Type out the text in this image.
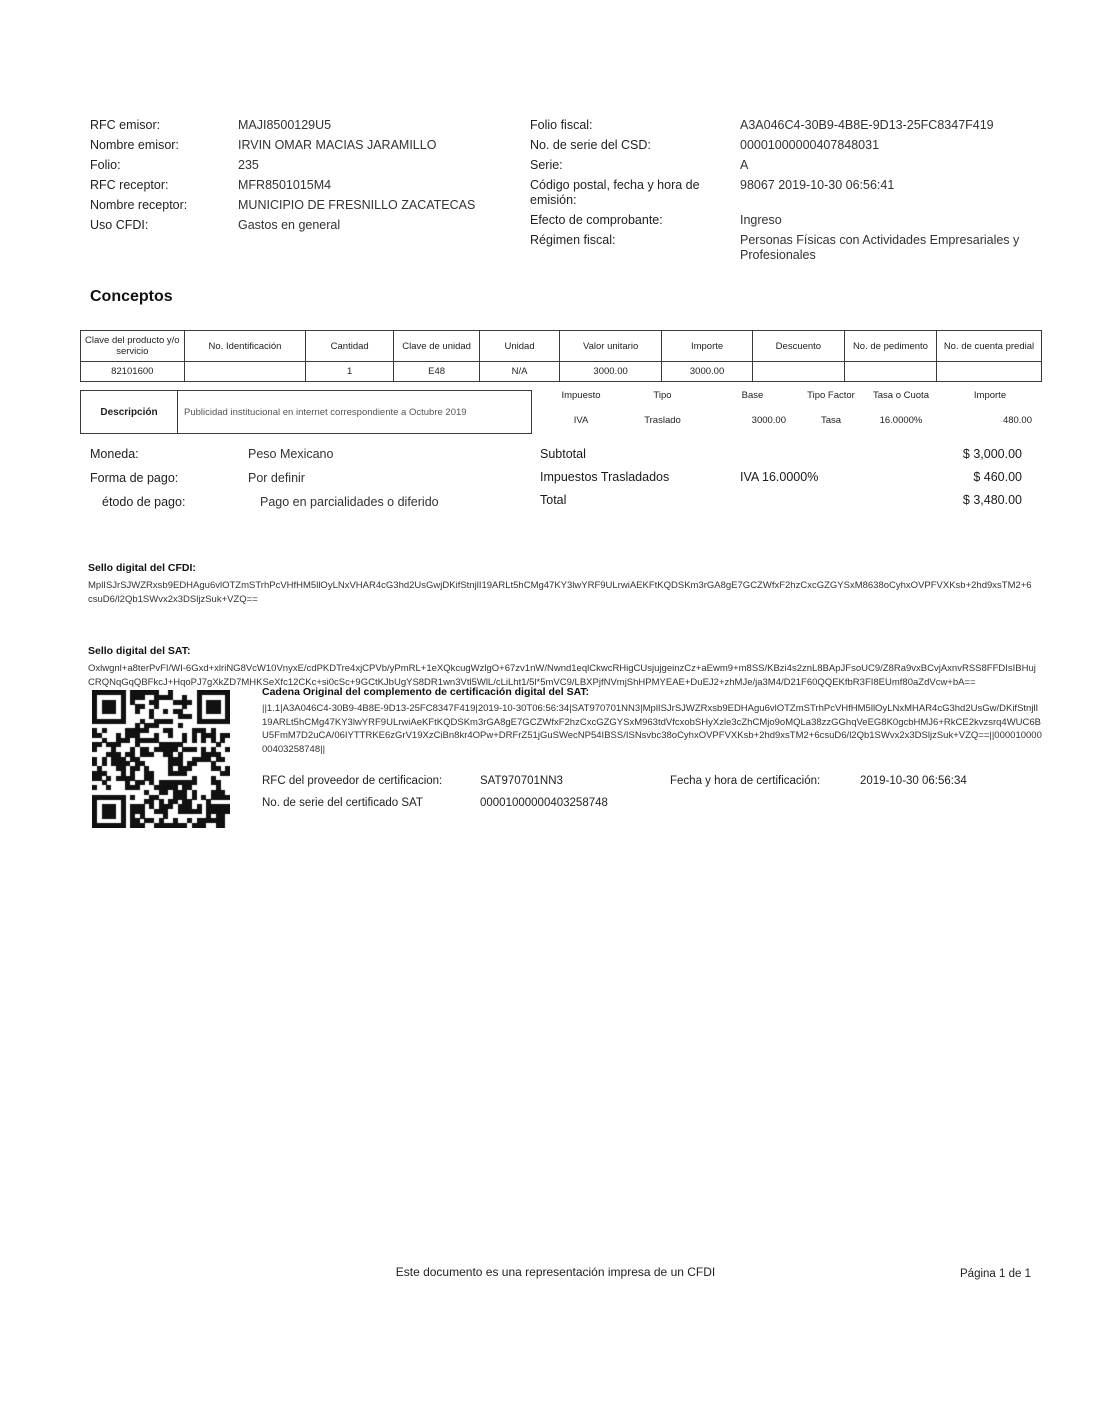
RFC emisor:	MAJI8500129U5
Nombre emisor:	IRVIN OMAR MACIAS JARAMILLO
Folio:	235
RFC receptor:	MFR8501015M4
Nombre receptor:	MUNICIPIO DE FRESNILLO ZACATECAS
Uso CFDI:	Gastos en general
Folio fiscal:	A3A046C4-30B9-4B8E-9D13-25FC8347F419
No. de serie del CSD:	00001000000407848031
Serie:	A
Código postal, fecha y hora de emisión:
98067 2019-10-30 06:56:41
Efecto de comprobante:	Ingreso
Régimen fiscal:	Personas Físicas con Actividades Empresariales y Profesionales
Conceptos
Clave del producto y/o servicio	No. Identificación	Cantidad	Clave de unidad	Unidad	Valor unitario	Importe	Descuento	No. de pedimento	No. de cuenta predial
82101600		1	E48	N/A	3000.00	3000.00			
Descripción	Publicidad institucional en internet correspondiente a Octubre 2019
Impuesto	Tipo	Base	Tipo Factor	Tasa o Cuota	Importe
IVA	Traslado	3000.00	Tasa	16.0000%	480.00
Moneda:	Peso Mexicano
Forma de pago:	Por definir
étodo de pago:	Pago en parcialidades o diferido
Subtotal	$ 3,000.00
Impuestos Trasladados	IVA 16.0000%	$ 460.00
Total	$ 3,480.00
Sello digital del CFDI:
MplISJrSJWZRxsb9EDHAgu6vlOTZmSTrhPcVHfHM5llOyLNxVHAR4cG3hd2UsGwjDKifStnjlI19ARLt5hCMg47KY3lwYRF9ULrwiAEKFtKQDSKm3rGA8gE7GCZWfxF2hzCxcGZGYSxM8638oCyhxOVPFVXKsb+2hd9xsTM2+6csuD6/l2Qb1SWvx2x3DSljzSuk+VZQ==
Sello digital del SAT:
Oxlwgnl+a8terPvFI/WI-6Gxd+xlriNG8VcW10VnyxE/cdPKDTre4xjCPVb/yPmRL+1eXQkcugWzlgO+67zv1nW/Nwnd1eqlCkwcRHigCUsjujgeinzCz+aEwm9+m8SS/KBzi4s2znL8BApJFsoUC9/Z8Ra9vxBCvjAxnvRSS8FFDIsIBHujCRQNqGqQBFkcJ+HqoPJ7gXkZD7MHKSeXfc12CKc+si0cSc+9GCtKJbUgYS8DR1wn3Vtl5WlL/cLiLht1/5l*5mVC9/LBXPjfNVmjShHPMYEAE+DuEJ2+zhMJe/ja3M4/D21F60QQEKfbR3FI8EUmf80aZdVcw+bA==
Cadena Original del complemento de certificación digital del SAT:
||1.1|A3A046C4-30B9-4B8E-9D13-25FC8347F419|2019-10-30T06:56:34|SAT970701NN3|MplISJrSJWZRxsb9EDHAgu6vlOTZmSTrhPcVHfHM5llOyLNxMHAR4cG3hd2UsGw/DKifStnjlI19ARLt5hCMg47KY3lwYRF9ULrwiAeKFtKQDSKm3rGA8gE7GCZWfxF2hzCxcGZGYSxM963tdVfcxobSHyXzle3cZhCMjo9oMQLa38zzGGhqVeEG8K0gcbHMJ6+RkCE2kvzsrq4WUC6BU5FmM7D2uCA/06IYTTRKE6zGrV19XzCiBn8kr4OPw+DRFrZ51jGuSWecNP54IBSS/ISNsvbc38oCyhxOVPFVXKsb+2hd9xsTM2+6csuD6/l2Qb1SWvx2x3DSljzSuk+VZQ==||00001000000403258748||
RFC del proveedor de certificacion:	SAT970701NN3	Fecha y hora de certificación:	2019-10-30 06:56:34
No. de serie del certificado SAT	00001000000403258748
Este documento es una representación impresa de un CFDI	Página 1 de 1
